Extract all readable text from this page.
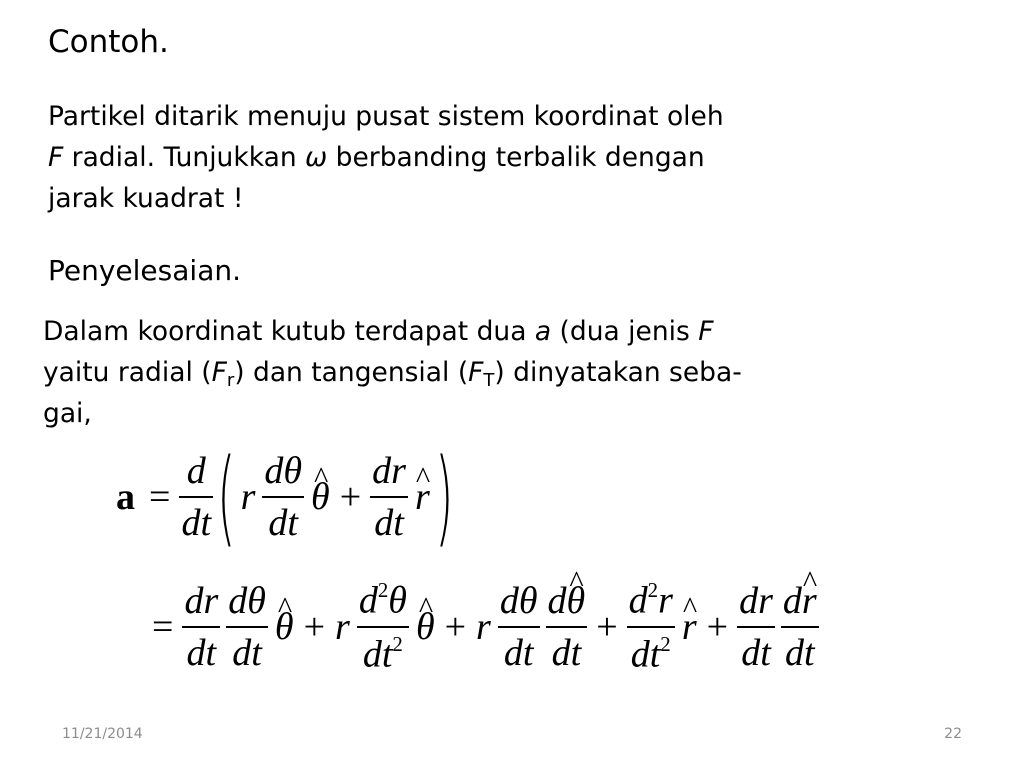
Contoh.
Partikel ditarik menuju pusat sistem koordinat oleh
F radial. Tunjukkan ω berbanding terbalik dengan
jarak kuadrat !
Penyelesaian.
Dalam koordinat kutub terdapat dua a (dua jenis F
yaitu radial $(F_r)$ dan tangensial $(F_T)$ dinyatakan seba-
gai,
$a = \frac{d}{dt}$ ( r $\frac{d\theta}{dt}$ ^ $\theta + \frac{dr}{dt}$ ^ r )
= $\frac{dr}{dt} \frac{d\theta}{dt}$ ^ θ + r $\frac{d^2\theta}{dt^2}$ ^ θ + r $\frac{d\theta}{dt} \frac{d\^{} \theta}{dt} + \frac{d^2r}{dt^2}$ ^ $r + \frac{dr}{dt} \frac{d\^{} r}{dt}$
11/21/2014	22
